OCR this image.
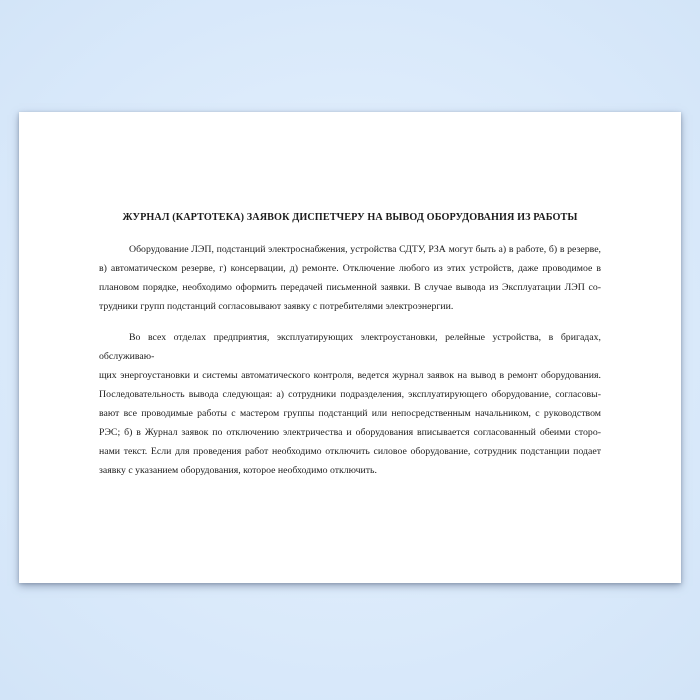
ЖУРНАЛ (КАРТОТЕКА) ЗАЯВОК ДИСПЕТЧЕРУ НА ВЫВОД ОБОРУДОВАНИЯ ИЗ РАБОТЫ
Оборудование ЛЭП, подстанций электроснабжения, устройства СДТУ, РЗА могут быть а) в работе, б) в резерве,
в) автоматическом резерве, г) консервации, д) ремонте. Отключение любого из этих устройств, даже проводимое в
плановом порядке, необходимо оформить передачей письменной заявки. В случае вывода из Эксплуатации ЛЭП со-
трудники групп подстанций согласовывают заявку с потребителями электроэнергии.
Во всех отделах предприятия, эксплуатирующих электроустановки, релейные устройства, в бригадах, обслуживаю-
щих энергоустановки и системы автоматического контроля, ведется журнал заявок на вывод в ремонт оборудования.
Последовательность вывода следующая: а) сотрудники подразделения, эксплуатирующего оборудование, согласовы-
вают все проводимые работы с мастером группы подстанций или непосредственным начальником, с руководством
РЭС; б) в Журнал заявок по отключению электричества и оборудования вписывается согласованный обеими сторо-
нами текст. Если для проведения работ необходимо отключить силовое оборудование, сотрудник подстанции подает
заявку с указанием оборудования, которое необходимо отключить.
